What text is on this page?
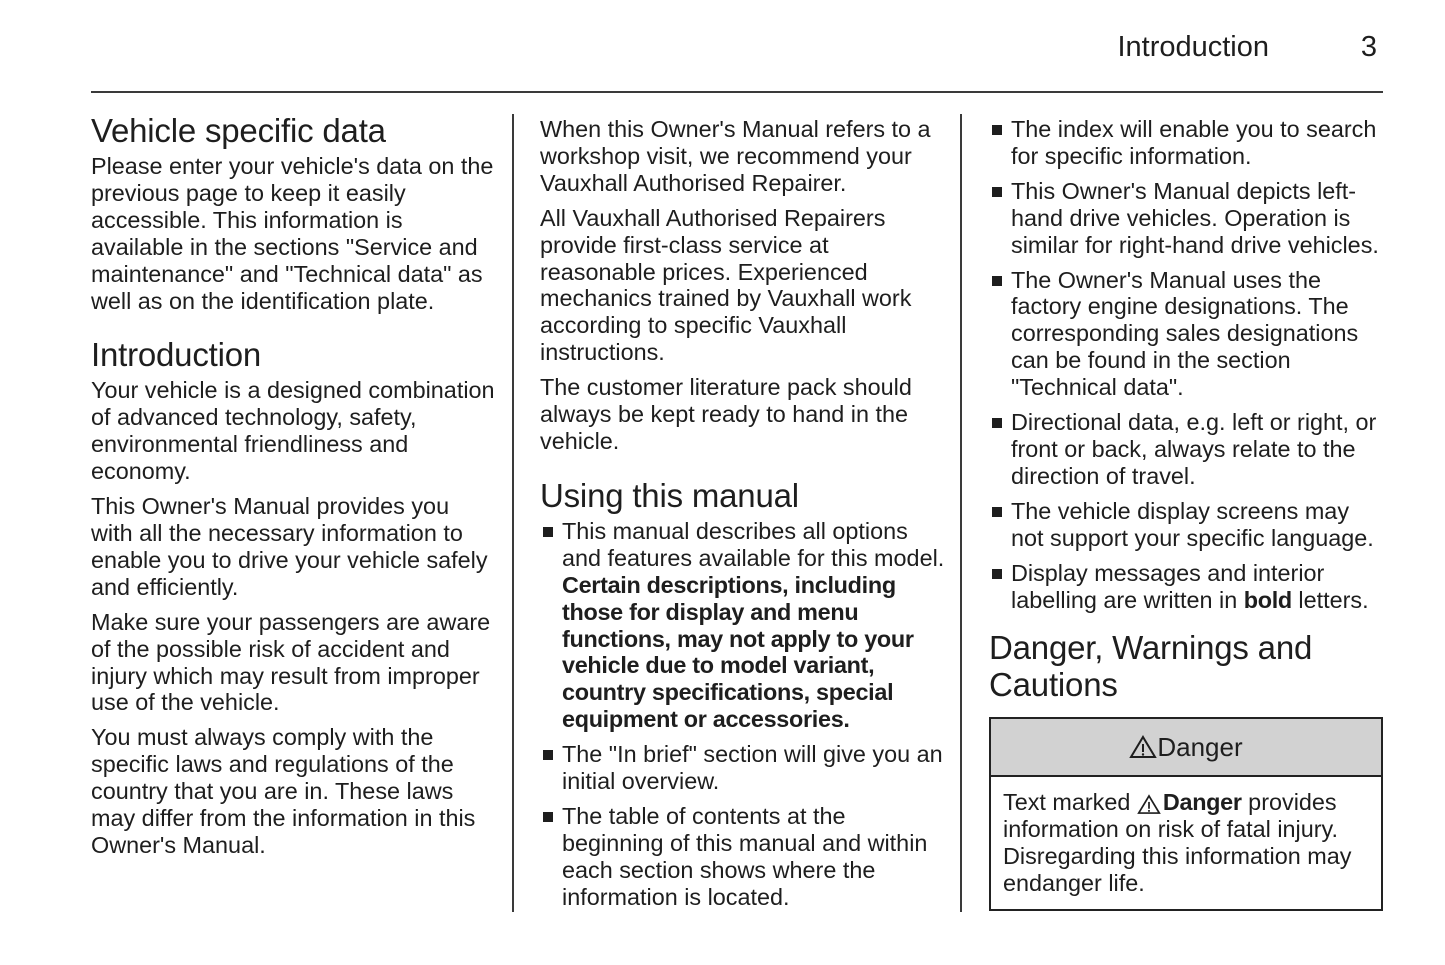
Introduction	3
Vehicle specific data

Please enter your vehicle's data on the previous page to keep it easily accessible. This information is available in the sections "Service and maintenance" and "Technical data" as well as on the identification plate.

Introduction

Your vehicle is a designed combination of advanced technology, safety, environmental friendliness and economy.

This Owner's Manual provides you with all the necessary information to enable you to drive your vehicle safely and efficiently.

Make sure your passengers are aware of the possible risk of accident and injury which may result from improper use of the vehicle.

You must always comply with the specific laws and regulations of the country that you are in. These laws may differ from the information in this Owner's Manual.

When this Owner's Manual refers to a workshop visit, we recommend your Vauxhall Authorised Repairer.

All Vauxhall Authorised Repairers provide first-class service at reasonable prices. Experienced mechanics trained by Vauxhall work according to specific Vauxhall instructions.

The customer literature pack should always be kept ready to hand in the vehicle.

Using this manual
This manual describes all options and features available for this model. Certain descriptions, including those for display and menu functions, may not apply to your vehicle due to model variant, country specifications, special equipment or accessories.
The "In brief" section will give you an initial overview.
The table of contents at the beginning of this manual and within each section shows where the information is located.
The index will enable you to search for specific information.
This Owner's Manual depicts left-hand drive vehicles. Operation is similar for right-hand drive vehicles.
The Owner's Manual uses the factory engine designations. The corresponding sales designations can be found in the section "Technical data".
Directional data, e.g. left or right, or front or back, always relate to the direction of travel.
The vehicle display screens may not support your specific language.
Display messages and interior labelling are written in bold letters.
Danger, Warnings and Cautions
Danger
Text marked Danger provides information on risk of fatal injury. Disregarding this information may endanger life.
